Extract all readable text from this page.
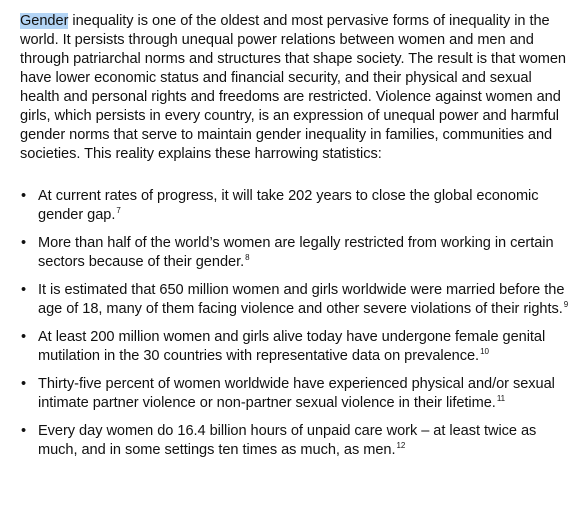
Gender inequality is one of the oldest and most pervasive forms of inequality in the world. It persists through unequal power relations between women and men and through patriarchal norms and structures that shape society. The result is that women have lower economic status and financial security, and their physical and sexual health and personal rights and freedoms are restricted. Violence against women and girls, which persists in every country, is an expression of unequal power and harmful gender norms that serve to maintain gender inequality in families, communities and societies. This reality explains these harrowing statistics:

• At current rates of progress, it will take 202 years to close the global economic gender gap.$^7$
• More than half of the world’s women are legally restricted from working in certain sectors because of their gender.$^8$
• It is estimated that 650 million women and girls worldwide were married before the age of 18, many of them facing violence and other severe violations of their rights.$^9$
• At least 200 million women and girls alive today have undergone female genital mutilation in the 30 countries with representative data on prevalence.$^{10}$
• Thirty-five percent of women worldwide have experienced physical and/or sexual intimate partner violence or non-partner sexual violence in their lifetime.$^{11}$
• Every day women do 16.4 billion hours of unpaid care work – at least twice as much, and in some settings ten times as much, as men.$^{12}$
